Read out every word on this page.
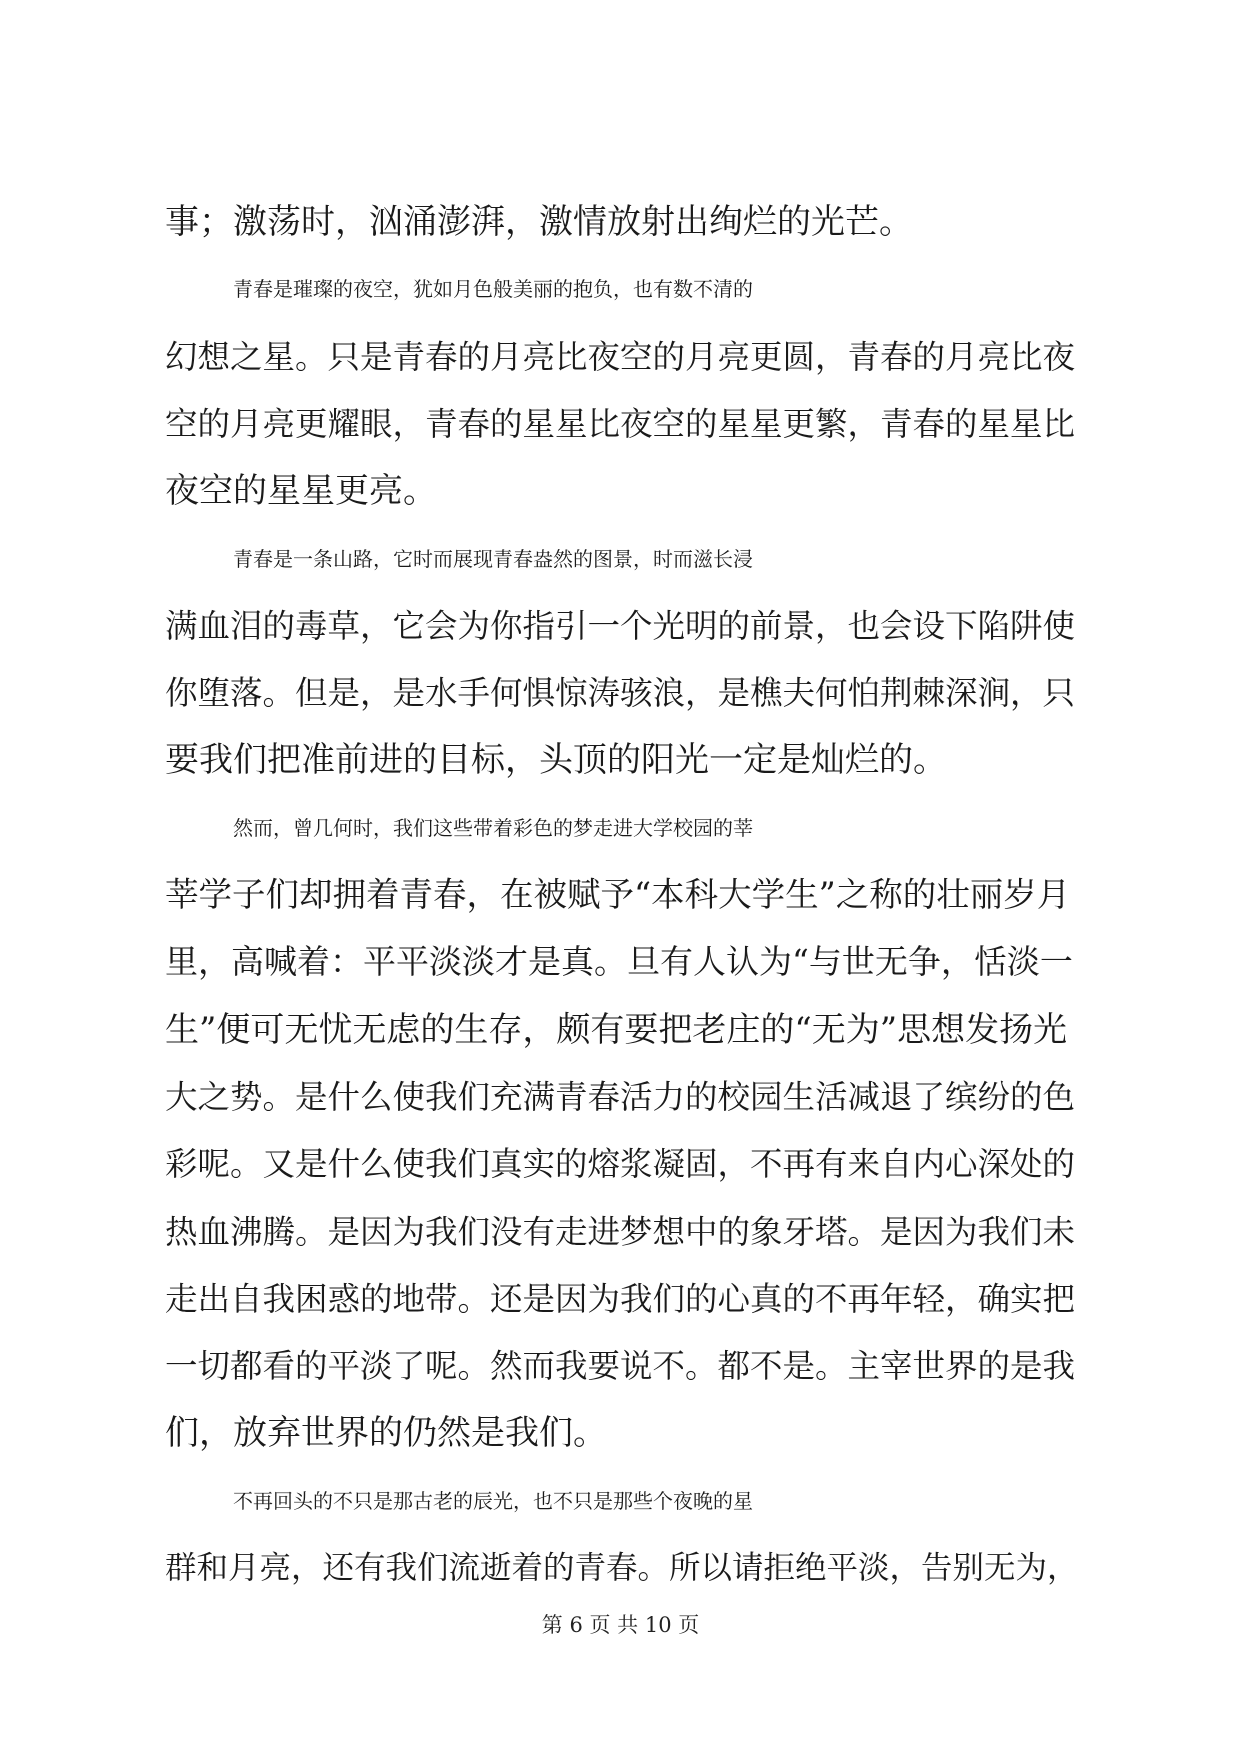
事；激荡时，汹涌澎湃，激情放射出绚烂的光芒。
青春是璀璨的夜空，犹如月色般美丽的抱负，也有数不清的
幻想之星。只是青春的月亮比夜空的月亮更圆，青春的月亮比夜
空的月亮更耀眼，青春的星星比夜空的星星更繁，青春的星星比
夜空的星星更亮。
青春是一条山路，它时而展现青春盎然的图景，时而滋长浸
满血泪的毒草，它会为你指引一个光明的前景，也会设下陷阱使
你堕落。但是，是水手何惧惊涛骇浪，是樵夫何怕荆棘深涧，只
要我们把准前进的目标，头顶的阳光一定是灿烂的。
然而，曾几何时，我们这些带着彩色的梦走进大学校园的莘
莘学子们却拥着青春，在被赋予“本科大学生”之称的壮丽岁月
里，高喊着：平平淡淡才是真。旦有人认为“与世无争，恬淡一
生”便可无忧无虑的生存，颇有要把老庄的“无为”思想发扬光
大之势。是什么使我们充满青春活力的校园生活减退了缤纷的色
彩呢。又是什么使我们真实的熔浆凝固，不再有来自内心深处的
热血沸腾。是因为我们没有走进梦想中的象牙塔。是因为我们未
走出自我困惑的地带。还是因为我们的心真的不再年轻，确实把
一切都看的平淡了呢。然而我要说不。都不是。主宰世界的是我
们，放弃世界的仍然是我们。
不再回头的不只是那古老的辰光，也不只是那些个夜晚的星
群和月亮，还有我们流逝着的青春。所以请拒绝平淡，告别无为，
第 6 页 共 10 页
